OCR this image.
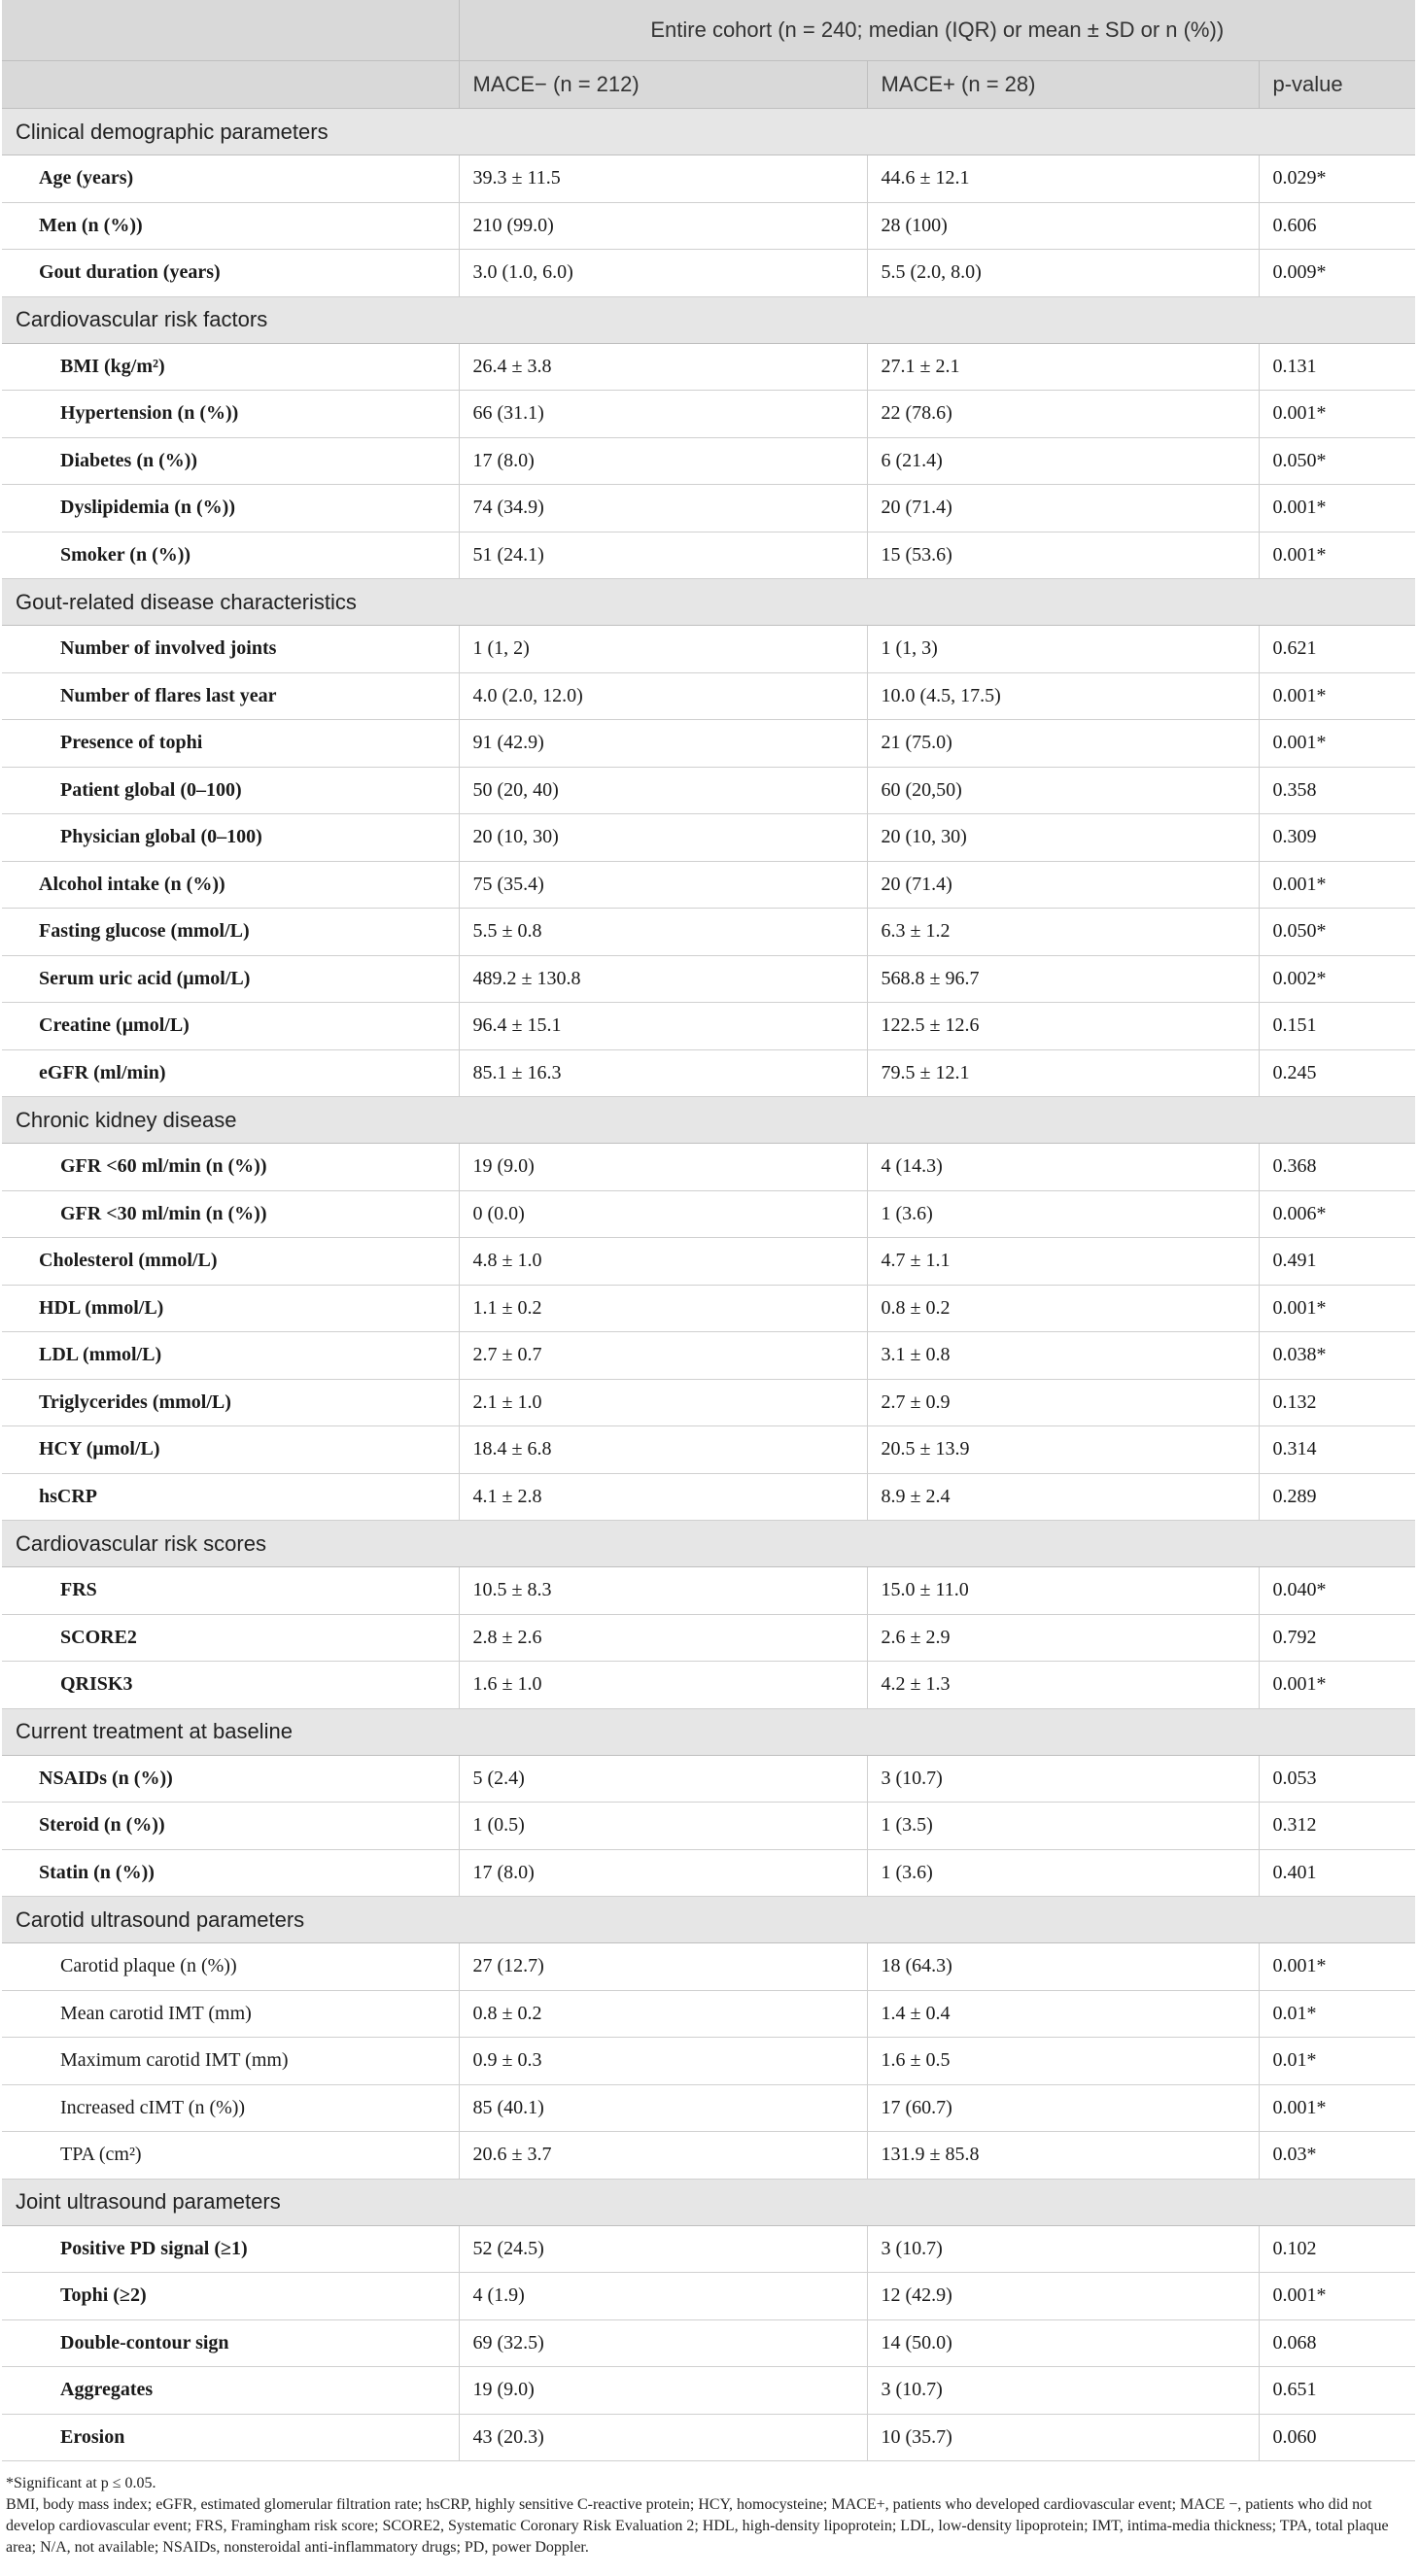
	Entire cohort (n = 240; median (IQR) or mean ± SD or n (%))		
	MACE− (n = 212)	MACE+ (n = 28)	p-value
Clinical demographic parameters			
Age (years)	39.3 ± 11.5	44.6 ± 12.1	0.029*
Men (n (%))	210 (99.0)	28 (100)	0.606
Gout duration (years)	3.0 (1.0, 6.0)	5.5 (2.0, 8.0)	0.009*
Cardiovascular risk factors			
BMI (kg/m²)	26.4 ± 3.8	27.1 ± 2.1	0.131
Hypertension (n (%))	66 (31.1)	22 (78.6)	0.001*
Diabetes (n (%))	17 (8.0)	6 (21.4)	0.050*
Dyslipidemia (n (%))	74 (34.9)	20 (71.4)	0.001*
Smoker (n (%))	51 (24.1)	15 (53.6)	0.001*
Gout-related disease characteristics			
Number of involved joints	1 (1, 2)	1 (1, 3)	0.621
Number of flares last year	4.0 (2.0, 12.0)	10.0 (4.5, 17.5)	0.001*
Presence of tophi	91 (42.9)	21 (75.0)	0.001*
Patient global (0–100)	50 (20, 40)	60 (20,50)	0.358
Physician global (0–100)	20 (10, 30)	20 (10, 30)	0.309
Alcohol intake (n (%))	75 (35.4)	20 (71.4)	0.001*
Fasting glucose (mmol/L)	5.5 ± 0.8	6.3 ± 1.2	0.050*
Serum uric acid (μmol/L)	489.2 ± 130.8	568.8 ± 96.7	0.002*
Creatine (μmol/L)	96.4 ± 15.1	122.5 ± 12.6	0.151
eGFR (ml/min)	85.1 ± 16.3	79.5 ± 12.1	0.245
Chronic kidney disease			
GFR <60 ml/min (n (%))	19 (9.0)	4 (14.3)	0.368
GFR <30 ml/min (n (%))	0 (0.0)	1 (3.6)	0.006*
Cholesterol (mmol/L)	4.8 ± 1.0	4.7 ± 1.1	0.491
HDL (mmol/L)	1.1 ± 0.2	0.8 ± 0.2	0.001*
LDL (mmol/L)	2.7 ± 0.7	3.1 ± 0.8	0.038*
Triglycerides (mmol/L)	2.1 ± 1.0	2.7 ± 0.9	0.132
HCY (μmol/L)	18.4 ± 6.8	20.5 ± 13.9	0.314
hsCRP	4.1 ± 2.8	8.9 ± 2.4	0.289
Cardiovascular risk scores			
FRS	10.5 ± 8.3	15.0 ± 11.0	0.040*
SCORE2	2.8 ± 2.6	2.6 ± 2.9	0.792
QRISK3	1.6 ± 1.0	4.2 ± 1.3	0.001*
Current treatment at baseline			
NSAIDs (n (%))	5 (2.4)	3 (10.7)	0.053
Steroid (n (%))	1 (0.5)	1 (3.5)	0.312
Statin (n (%))	17 (8.0)	1 (3.6)	0.401
Carotid ultrasound parameters			
Carotid plaque (n (%))	27 (12.7)	18 (64.3)	0.001*
Mean carotid IMT (mm)	0.8 ± 0.2	1.4 ± 0.4	0.01*
Maximum carotid IMT (mm)	0.9 ± 0.3	1.6 ± 0.5	0.01*
Increased cIMT (n (%))	85 (40.1)	17 (60.7)	0.001*
TPA (cm²)	20.6 ± 3.7	131.9 ± 85.8	0.03*
Joint ultrasound parameters			
Positive PD signal (≥1)	52 (24.5)	3 (10.7)	0.102
Tophi (≥2)	4 (1.9)	12 (42.9)	0.001*
Double-contour sign	69 (32.5)	14 (50.0)	0.068
Aggregates	19 (9.0)	3 (10.7)	0.651
Erosion	43 (20.3)	10 (35.7)	0.060

*Significant at p ≤ 0.05.

BMI, body mass index; eGFR, estimated glomerular filtration rate; hsCRP, highly sensitive C-reactive protein; HCY, homocysteine; MACE+, patients who developed cardiovascular event; MACE −, patients who did not develop cardiovascular event; FRS, Framingham risk score; SCORE2, Systematic Coronary Risk Evaluation 2; HDL, high-density lipoprotein; LDL, low-density lipoprotein; IMT, intima-media thickness; TPA, total plaque area; N/A, not available; NSAIDs, nonsteroidal anti-inflammatory drugs; PD, power Doppler.
